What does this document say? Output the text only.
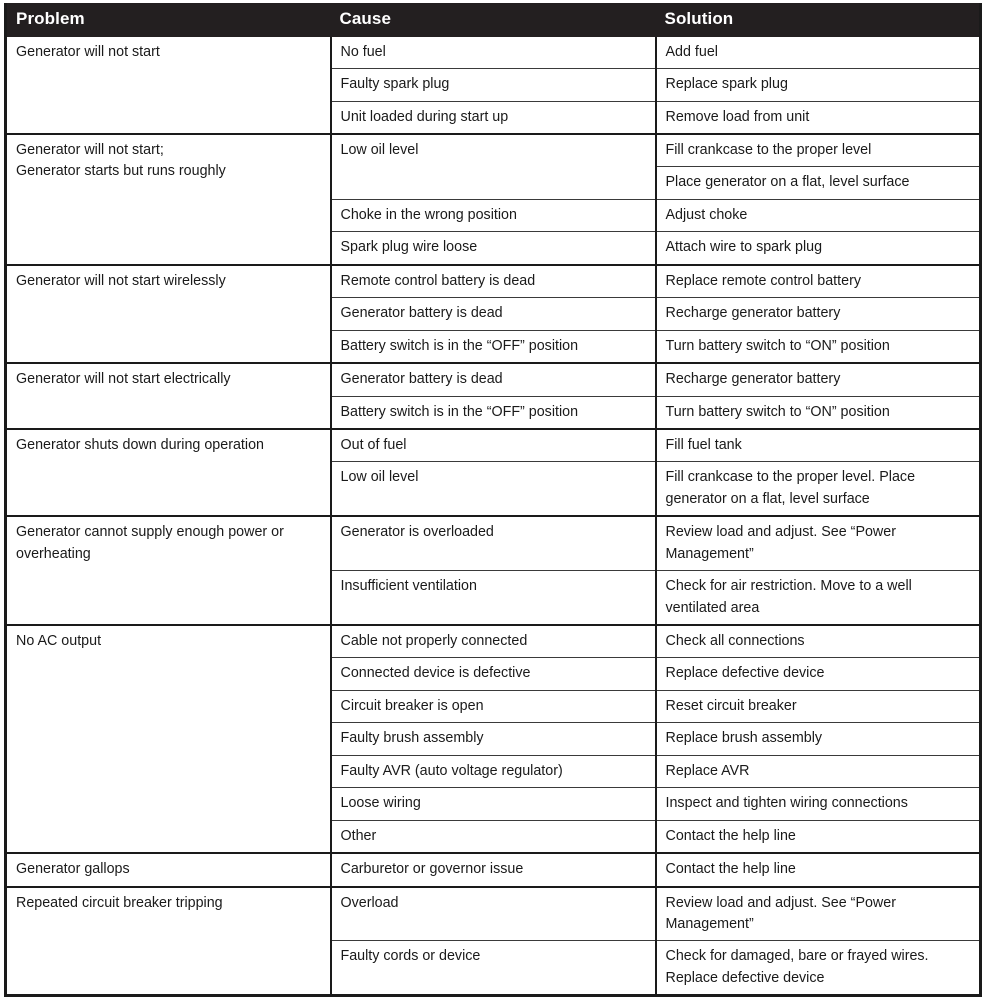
Problem	Cause	Solution

Generator will not start	No fuel	Add fuel

	Faulty spark plug	Replace spark plug

	Unit loaded during start up	Remove load from unit

Generator will not start;
Generator starts but runs roughly	Low oil level	Fill crankcase to the proper level

		Place generator on a flat, level surface

	Choke in the wrong position	Adjust choke

	Spark plug wire loose	Attach wire to spark plug

Generator will not start wirelessly	Remote control battery is dead	Replace remote control battery

	Generator battery is dead	Recharge generator battery

	Battery switch is in the “OFF” position	Turn battery switch to “ON” position

Generator will not start electrically	Generator battery is dead	Recharge generator battery

	Battery switch is in the “OFF” position	Turn battery switch to “ON” position

Generator shuts down during operation	Out of fuel	Fill fuel tank

	Low oil level	Fill crankcase to the proper level. Place
generator on a flat, level surface

Generator cannot supply enough power or
overheating	Generator is overloaded	Review load and adjust. See “Power
Management”

	Insufficient ventilation	Check for air restriction. Move to a well
ventilated area

No AC output	Cable not properly connected	Check all connections

	Connected device is defective	Replace defective device

	Circuit breaker is open	Reset circuit breaker

	Faulty brush assembly	Replace brush assembly

	Faulty AVR (auto voltage regulator)	Replace AVR

	Loose wiring	Inspect and tighten wiring connections

	Other	Contact the help line

Generator gallops	Carburetor or governor issue	Contact the help line

Repeated circuit breaker tripping	Overload	Review load and adjust. See “Power
Management”

	Faulty cords or device	Check for damaged, bare or frayed wires.
Replace defective device
